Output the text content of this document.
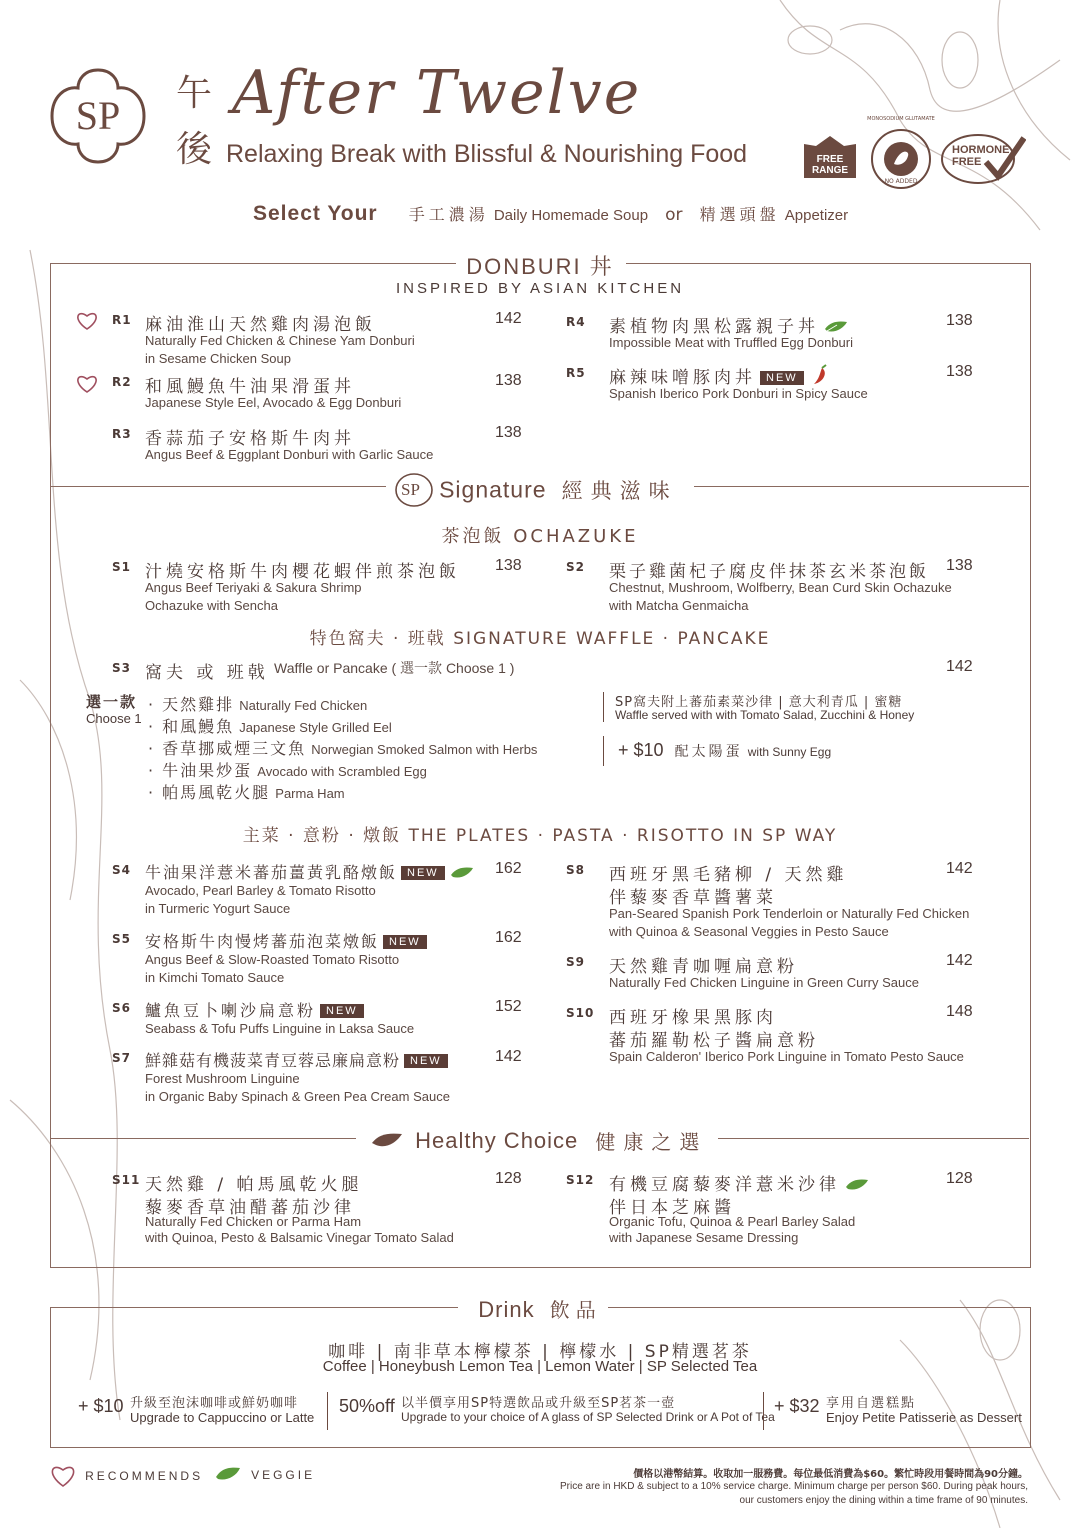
SP	午後
After Twelve
Relaxing Break with Blissful & Nourishing Food	FREE RANGE
MONOSODIUM GLUTAMATE
NO ADDED
HORMONE FREE
Select Your 手工濃湯 Daily Homemade Soup or 精選頭盤 Appetizer
DONBURI 丼
INSPIRED BY ASIAN KITCHEN
R1 麻油淮山天然雞肉湯泡飯
Naturally Fed Chicken & Chinese Yam Donburi
in Sesame Chicken Soup
142
R2 和風鰻魚牛油果滑蛋丼
Japanese Style Eel, Avocado & Egg Donburi
138
R3 香蒜茄子安格斯牛肉丼
Angus Beef & Eggplant Donburi with Garlic Sauce
138
R4 素植物肉黑松露親子丼
Impossible Meat with Truffled Egg Donburi
138
R5 麻辣味噌豚肉丼 NEW
Spanish Iberico Pork Donburi in Spicy Sauce
138
SP Signature 經典滋味
茶泡飯 OCHAZUKE
S1 汁燒安格斯牛肉櫻花蝦伴煎茶泡飯
Angus Beef Teriyaki & Sakura Shrimp
Ochazuke with Sencha
138	S2 栗子雞菌杞子腐皮伴抹茶玄米茶泡飯
Chestnut, Mushroom, Wolfberry, Bean Curd Skin Ochazuke
with Matcha Genmaicha
138
特色窩夫 · 班戟 SIGNATURE WAFFLE · PANCAKE
S3 窩夫 或 班戟 Waffle or Pancake ( 選一款 Choose 1 )	142
選一款
Choose 1
· 天然雞排 Naturally Fed Chicken
· 和風鰻魚 Japanese Style Grilled Eel
· 香草挪威煙三文魚 Norwegian Smoked Salmon with Herbs
· 牛油果炒蛋 Avocado with Scrambled Egg
· 帕馬風乾火腿 Parma Ham
SP窩夫附上蕃茄素菜沙律 | 意大利青瓜 | 蜜糖
Waffle served with with Tomato Salad, Zucchini & Honey
+ $10 配太陽蛋 with Sunny Egg
主菜 · 意粉 · 燉飯 THE PLATES · PASTA · RISOTTO IN SP WAY
S4 牛油果洋薏米蕃茄薑黃乳酪燉飯 NEW
Avocado, Pearl Barley & Tomato Risotto
in Turmeric Yogurt Sauce
162
S5 安格斯牛肉慢烤蕃茄泡菜燉飯 NEW
Angus Beef & Slow-Roasted Tomato Risotto
in Kimchi Tomato Sauce
162
S6 鱸魚豆卜喇沙扁意粉 NEW
Seabass & Tofu Puffs Linguine in Laksa Sauce
152
S7 鮮雜菇有機菠菜青豆蓉忌廉扁意粉 NEW
Forest Mushroom Linguine
in Organic Baby Spinach & Green Pea Cream Sauce
142
S8 西班牙黑毛豬柳 / 天然雞
伴藜麥香草醬薯菜
Pan-Seared Spanish Pork Tenderloin or Naturally Fed Chicken
with Quinoa & Seasonal Veggies in Pesto Sauce
142
S9 天然雞青咖喱扁意粉
Naturally Fed Chicken Linguine in Green Curry Sauce
142
S10 西班牙橡果黑豚肉
蕃茄羅勒松子醬扁意粉
Spain Calderon' Iberico Pork Linguine in Tomato Pesto Sauce
148
Healthy Choice 健康之選
S11 天然雞 / 帕馬風乾火腿
藜麥香草油醋蕃茄沙律
Naturally Fed Chicken or Parma Ham
with Quinoa, Pesto & Balsamic Vinegar Tomato Salad
128	S12 有機豆腐藜麥洋薏米沙律
伴日本芝麻醬
Organic Tofu, Quinoa & Pearl Barley Salad
with Japanese Sesame Dressing
128
Drink 飲品
咖啡 | 南非草本檸檬茶 | 檸檬水 | SP精選茗茶
Coffee | Honeybush Lemon Tea | Lemon Water | SP Selected Tea
+ $10 升級至泡沫咖啡或鮮奶咖啡
Upgrade to Cappuccino or Latte
50%off 以半價享用SP特選飲品或升級至SP茗茶一壺
Upgrade to your choice of A glass of SP Selected Drink or A Pot of Tea
+ $32 享用自選糕點
Enjoy Petite Patisserie as Dessert
RECOMMENDS	VEGGIE	價格以港幣結算。收取加一服務費。每位最低消費為$60。繁忙時段用餐時間為90分鐘。
Price are in HKD & subject to a 10% service charge. Minimum charge per person $60. During peak hours,
our customers enjoy the dining within a time frame of 90 minutes.
